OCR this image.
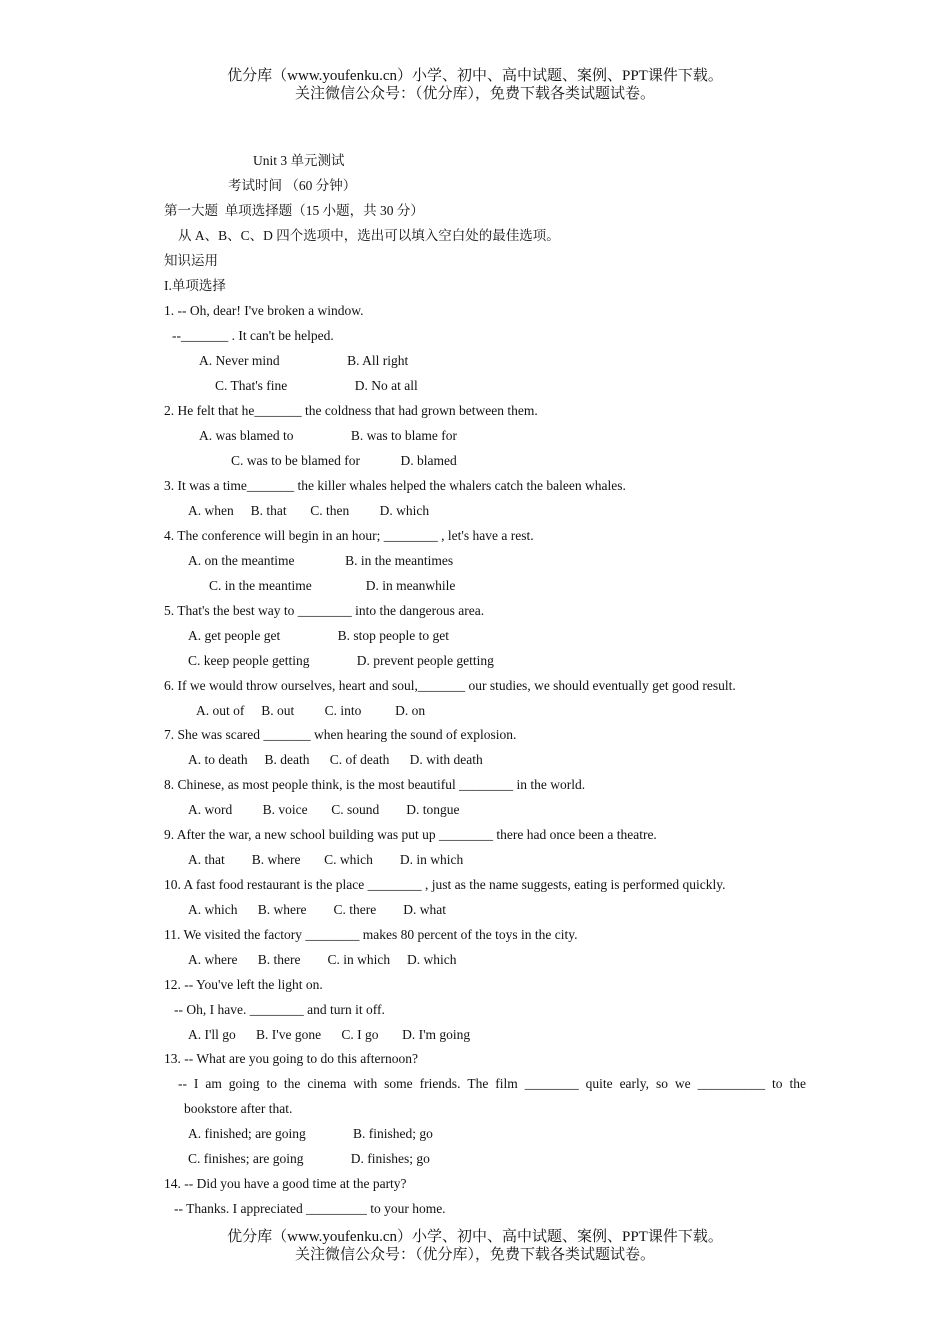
优分库（www.youfenku.cn）小学、初中、高中试题、案例、PPT课件下载。
关注微信公众号：（优分库），免费下载各类试题试卷。
Unit 3 单元测试
考试时间 （60 分钟）
第一大题  单项选择题（15 小题，共 30 分）
从 A、B、C、D 四个选项中，选出可以填入空白处的最佳选项。
知识运用
I.单项选择
1. -- Oh, dear! I've broken a window.
--_______ . It can't be helped.
A. Never mind                    B. All right
C. That's fine                    D. No at all
2. He felt that he_______ the coldness that had grown between them.
A. was blamed to                 B. was to blame for
C. was to be blamed for            D. blamed
3. It was a time_______ the killer whales helped the whalers catch the baleen whales.
A. when     B. that       C. then         D. which
4. The conference will begin in an hour; ________ , let's have a rest.
A. on the meantime               B. in the meantimes
C. in the meantime                D. in meanwhile
5. That's the best way to ________ into the dangerous area.
A. get people get                 B. stop people to get
C. keep people getting              D. prevent people getting
6. If we would throw ourselves, heart and soul,_______ our studies, we should eventually get good result.
A. out of     B. out         C. into          D. on
7. She was scared _______ when hearing the sound of explosion.
A. to death     B. death      C. of death      D. with death
8. Chinese, as most people think, is the most beautiful ________ in the world.
A. word         B. voice       C. sound        D. tongue
9. After the war, a new school building was put up ________ there had once been a theatre.
A. that        B. where       C. which        D. in which
10. A fast food restaurant is the place ________ , just as the name suggests, eating is performed quickly.
A. which      B. where        C. there        D. what
11. We visited the factory ________ makes 80 percent of the toys in the city.
A. where      B. there        C. in which     D. which
12. -- You've left the light on.
-- Oh, I have. ________ and turn it off.
A. I'll go      B. I've gone      C. I go       D. I'm going
13. -- What are you going to do this afternoon?
-- I am going to the cinema with some friends. The film ________ quite early, so we __________ to the
bookstore after that.
A. finished; are going              B. finished; go
C. finishes; are going              D. finishes; go
14. -- Did you have a good time at the party?
-- Thanks. I appreciated _________ to your home.
优分库（www.youfenku.cn）小学、初中、高中试题、案例、PPT课件下载。
关注微信公众号：（优分库），免费下载各类试题试卷。
